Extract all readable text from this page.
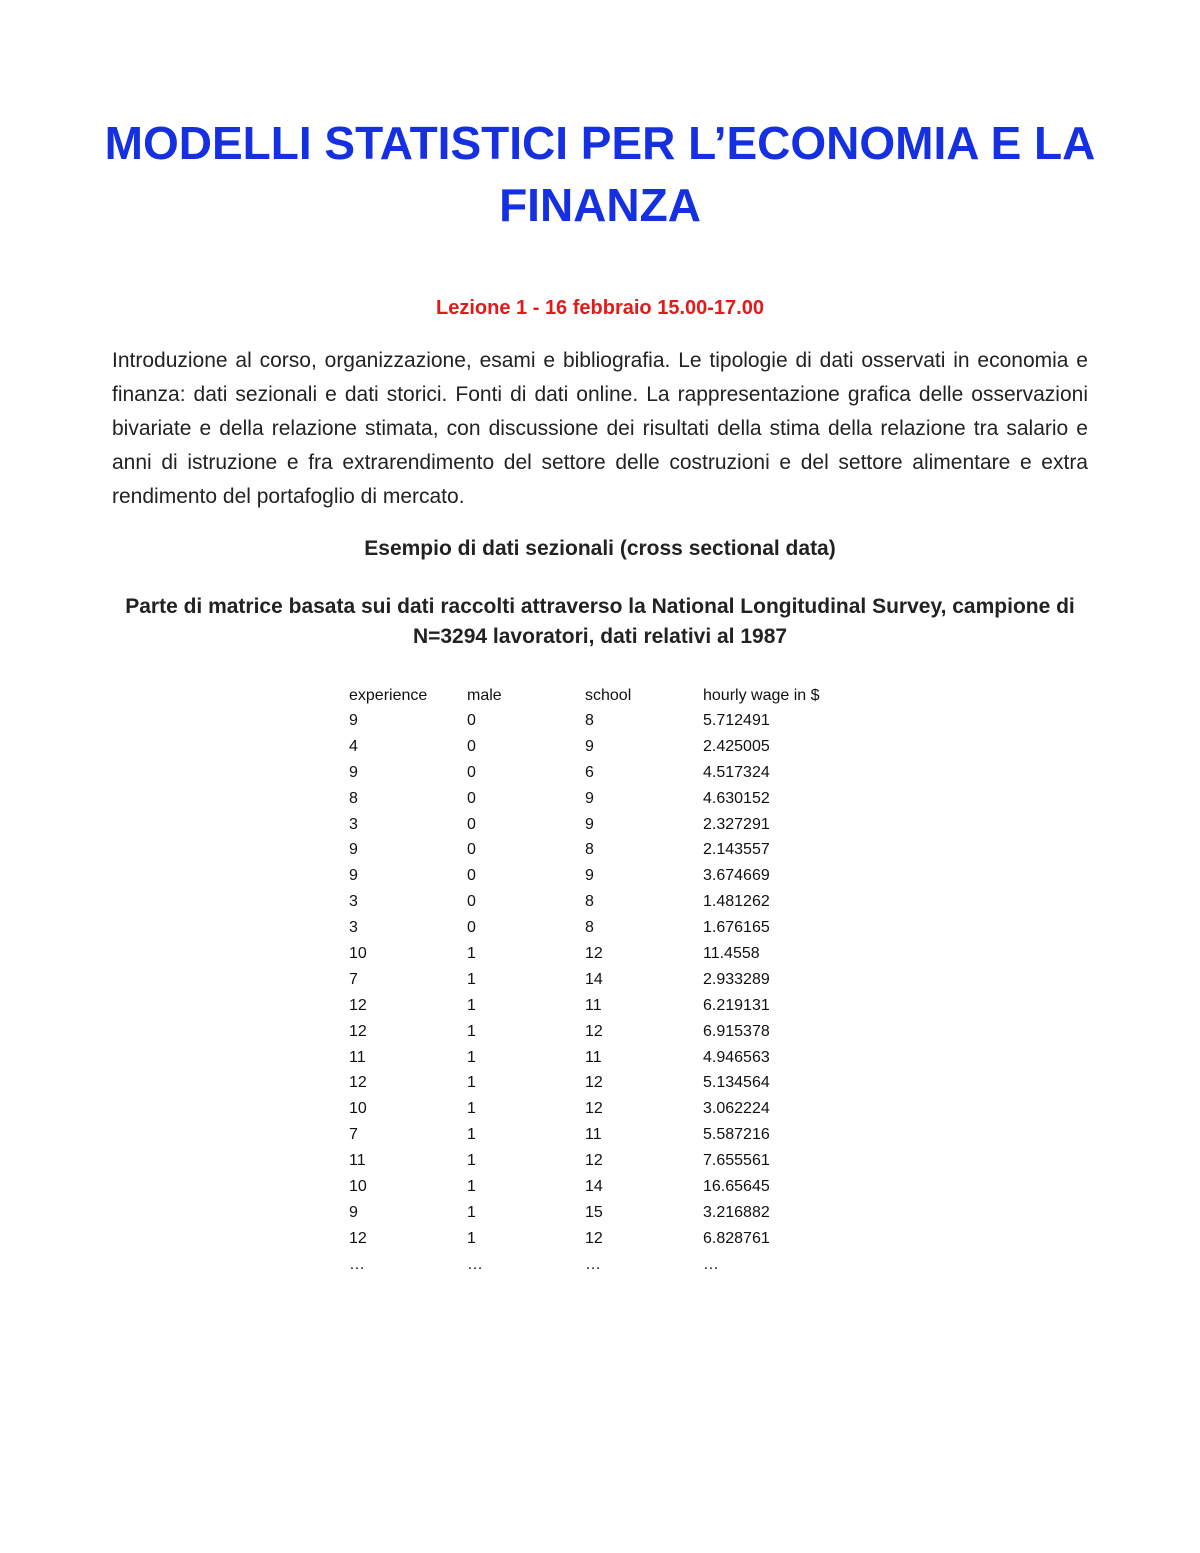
MODELLI STATISTICI PER L’ECONOMIA E LA FINANZA
Lezione 1 - 16 febbraio 15.00-17.00

Introduzione al corso, organizzazione, esami e bibliografia. Le tipologie di dati osservati in economia e finanza: dati sezionali e dati storici. Fonti di dati online. La rappresentazione grafica delle osservazioni bivariate e della relazione stimata, con discussione dei risultati della stima della relazione tra salario e anni di istruzione e fra extrarendimento del settore delle costruzioni e del settore alimentare e extra rendimento del portafoglio di mercato.

Esempio di dati sezionali (cross sectional data)

Parte di matrice basata sui dati raccolti attraverso la National Longitudinal Survey, campione di N=3294 lavoratori, dati relativi al 1987

experience	male	school	hourly wage in $
9	0	8	5.712491
4	0	9	2.425005
9	0	6	4.517324
8	0	9	4.630152
3	0	9	2.327291
9	0	8	2.143557
9	0	9	3.674669
3	0	8	1.481262
3	0	8	1.676165
10	1	12	11.4558
7	1	14	2.933289
12	1	11	6.219131
12	1	12	6.915378
11	1	11	4.946563
12	1	12	5.134564
10	1	12	3.062224
7	1	11	5.587216
11	1	12	7.655561
10	1	14	16.65645
9	1	15	3.216882
12	1	12	6.828761
…	…	…	…
